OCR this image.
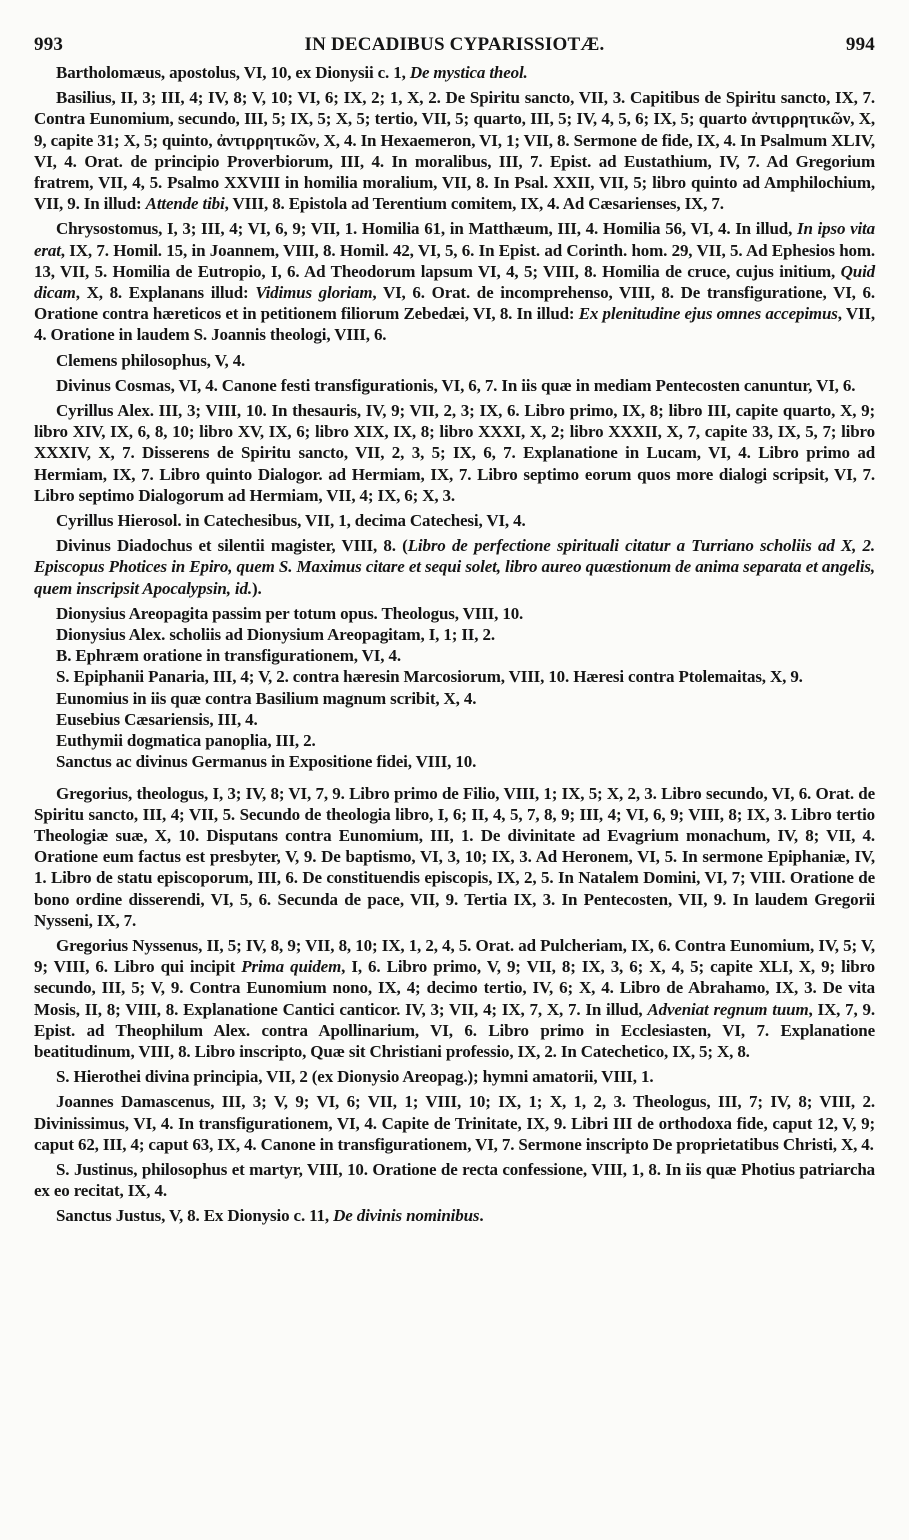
993	IN DECADIBUS CYPARISSIOTÆ.	994

Bartholomæus, apostolus, VI, 10, ex Dionysii c. 1, De mystica theol.

Basilius, II, 3; III, 4; IV, 8; V, 10; VI, 6; IX, 2; 1, X, 2. De Spiritu sancto, VII, 3. Capitibus de Spiritu sancto, IX, 7. Contra Eunomium, secundo, III, 5; IX, 5; X, 5; tertio, VII, 5; quarto, III, 5; IV, 4, 5, 6; IX, 5; quarto ἀντιρρητικῶν, X, 9, capite 31; X, 5; quinto, ἀντιρρητικῶν, X, 4. In Hexaemeron, VI, 1; VII, 8. Sermone de fide, IX, 4. In Psalmum XLIV, VI, 4. Orat. de principio Proverbiorum, III, 4. In moralibus, III, 7. Epist. ad Eustathium, IV, 7. Ad Gregorium fratrem, VII, 4, 5. Psalmo XXVIII in homilia moralium, VII, 8. In Psal. XXII, VII, 5; libro quinto ad Amphilochium, VII, 9. In illud: Attende tibi, VIII, 8. Epistola ad Terentium comitem, IX, 4. Ad Cæsarienses, IX, 7.

Chrysostomus, I, 3; III, 4; VI, 6, 9; VII, 1. Homilia 61, in Matthæum, III, 4. Homilia 56, VI, 4. In illud, In ipso vita erat, IX, 7. Homil. 15, in Joannem, VIII, 8. Homil. 42, VI, 5, 6. In Epist. ad Corinth. hom. 29, VII, 5. Ad Ephesios hom. 13, VII, 5. Homilia de Eutropio, I, 6. Ad Theodorum lapsum VI, 4, 5; VIII, 8. Homilia de cruce, cujus initium, Quid dicam, X, 8. Explanans illud: Vidimus gloriam, VI, 6. Orat. de incomprehenso, VIII, 8. De transfiguratione, VI, 6. Oratione contra hæreticos et in petitionem filiorum Zebedæi, VI, 8. In illud: Ex plenitudine ejus omnes accepimus, VII, 4. Oratione in laudem S. Joannis theologi, VIII, 6.

Clemens philosophus, V, 4.

Divinus Cosmas, VI, 4. Canone festi transfigurationis, VI, 6, 7. In iis quæ in mediam Pentecosten canuntur, VI, 6.

Cyrillus Alex. III, 3; VIII, 10. In thesauris, IV, 9; VII, 2, 3; IX, 6. Libro primo, IX, 8; libro III, capite quarto, X, 9; libro XIV, IX, 6, 8, 10; libro XV, IX, 6; libro XIX, IX, 8; libro XXXI, X, 2; libro XXXII, X, 7, capite 33, IX, 5, 7; libro XXXIV, X, 7. Disserens de Spiritu sancto, VII, 2, 3, 5; IX, 6, 7. Explanatione in Lucam, VI, 4. Libro primo ad Hermiam, IX, 7. Libro quinto Dialogor. ad Hermiam, IX, 7. Libro septimo eorum quos more dialogi scripsit, VI, 7. Libro septimo Dialogorum ad Hermiam, VII, 4; IX, 6; X, 3.

Cyrillus Hierosol. in Catechesibus, VII, 1, decima Catechesi, VI, 4.

Divinus Diadochus et silentii magister, VIII, 8. (Libro de perfectione spirituali citatur a Turriano scholiis ad X, 2. Episcopus Photices in Epiro, quem S. Maximus citare et sequi solet, libro aureo quæstionum de anima separata et angelis, quem inscripsit Apocalypsin, id.).

Dionysius Areopagita passim per totum opus. Theologus, VIII, 10.

Dionysius Alex. scholiis ad Dionysium Areopagitam, I, 1; II, 2.

B. Ephræm oratione in transfigurationem, VI, 4.

S. Epiphanii Panaria, III, 4; V, 2. contra hæresin Marcosiorum, VIII, 10. Hæresi contra Ptolemaitas, X, 9.

Eunomius in iis quæ contra Basilium magnum scribit, X, 4.

Eusebius Cæsariensis, III, 4.

Euthymii dogmatica panoplia, III, 2.

Sanctus ac divinus Germanus in Expositione fidei, VIII, 10.

Gregorius, theologus, I, 3; IV, 8; VI, 7, 9. Libro primo de Filio, VIII, 1; IX, 5; X, 2, 3. Libro secundo, VI, 6. Orat. de Spiritu sancto, III, 4; VII, 5. Secundo de theologia libro, I, 6; II, 4, 5, 7, 8, 9; III, 4; VI, 6, 9; VIII, 8; IX, 3. Libro tertio Theologiæ suæ, X, 10. Disputans contra Eunomium, III, 1. De divinitate ad Evagrium monachum, IV, 8; VII, 4. Oratione eum factus est presbyter, V, 9. De baptismo, VI, 3, 10; IX, 3. Ad Heronem, VI, 5. In sermone Epiphaniæ, IV, 1. Libro de statu episcoporum, III, 6. De constituendis episcopis, IX, 2, 5. In Natalem Domini, VI, 7; VIII. Oratione de bono ordine disserendi, VI, 5, 6. Secunda de pace, VII, 9. Tertia IX, 3. In Pentecosten, VII, 9. In laudem Gregorii Nysseni, IX, 7.

Gregorius Nyssenus, II, 5; IV, 8, 9; VII, 8, 10; IX, 1, 2, 4, 5. Orat. ad Pulcheriam, IX, 6. Contra Eunomium, IV, 5; V, 9; VIII, 6. Libro qui incipit Prima quidem, I, 6. Libro primo, V, 9; VII, 8; IX, 3, 6; X, 4, 5; capite XLI, X, 9; libro secundo, III, 5; V, 9. Contra Eunomium nono, IX, 4; decimo tertio, IV, 6; X, 4. Libro de Abrahamo, IX, 3. De vita Mosis, II, 8; VIII, 8. Explanatione Cantici canticor. IV, 3; VII, 4; IX, 7, X, 7. In illud, Adveniat regnum tuum, IX, 7, 9. Epist. ad Theophilum Alex. contra Apollinarium, VI, 6. Libro primo in Ecclesiasten, VI, 7. Explanatione beatitudinum, VIII, 8. Libro inscripto, Quæ sit Christiani professio, IX, 2. In Catechetico, IX, 5; X, 8.

S. Hierothei divina principia, VII, 2 (ex Dionysio Areopag.); hymni amatorii, VIII, 1.

Joannes Damascenus, III, 3; V, 9; VI, 6; VII, 1; VIII, 10; IX, 1; X, 1, 2, 3. Theologus, III, 7; IV, 8; VIII, 2. Divinissimus, VI, 4. In transfigurationem, VI, 4. Capite de Trinitate, IX, 9. Libri III de orthodoxa fide, caput 12, V, 9; caput 62, III, 4; caput 63, IX, 4. Canone in transfigurationem, VI, 7. Sermone inscripto De proprietatibus Christi, X, 4.

S. Justinus, philosophus et martyr, VIII, 10. Oratione de recta confessione, VIII, 1, 8. In iis quæ Photius patriarcha ex eo recitat, IX, 4.

Sanctus Justus, V, 8. Ex Dionysio c. 11, De divinis nominibus.
